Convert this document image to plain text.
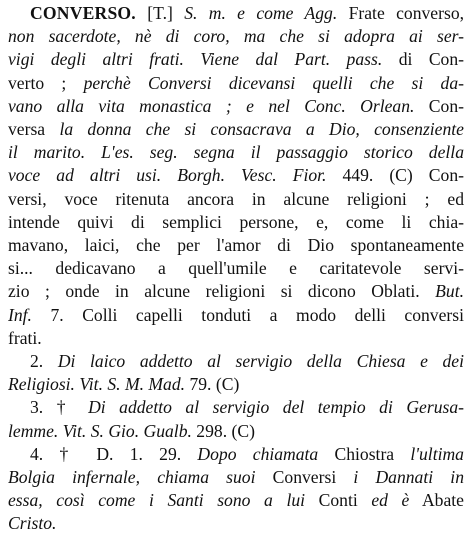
CONVERSO. [T.] S. m. e come Agg. Frate converso,
non sacerdote, nè di coro, ma che si adopra ai ser-
vigi degli altri frati. Viene dal Part. pass. di Con-
verto ; perchè Conversi dicevansi quelli che si da-
vano alla vita monastica ; e nel Conc. Orlean. Con-
versa la donna che si consacrava a Dio, consenziente
il marito. L'es. seg. segna il passaggio storico della
voce ad altri usi. Borgh. Vesc. Fior. 449. (C) Con-
versi, voce ritenuta ancora in alcune religioni ; ed
intende quivi di semplici persone, e, come li chia-
mavano, laici, che per l'amor di Dio spontaneamente
si... dedicavano a quell'umile e caritatevole servi-
zio ; onde in alcune religioni si dicono Oblati. But.
Inf. 7. Colli capelli tonduti a modo delli conversi
frati.
2. Di laico addetto al servigio della Chiesa e dei
Religiosi. Vit. S. M. Mad. 79. (C)
3. † Di addetto al servigio del tempio di Gerusa-
lemme. Vit. S. Gio. Gualb. 298. (C)
4. † D. 1. 29. Dopo chiamata Chiostra l'ultima
Bolgia infernale, chiama suoi Conversi i Dannati in
essa, così come i Santi sono a lui Conti ed è Abate
Cristo.
